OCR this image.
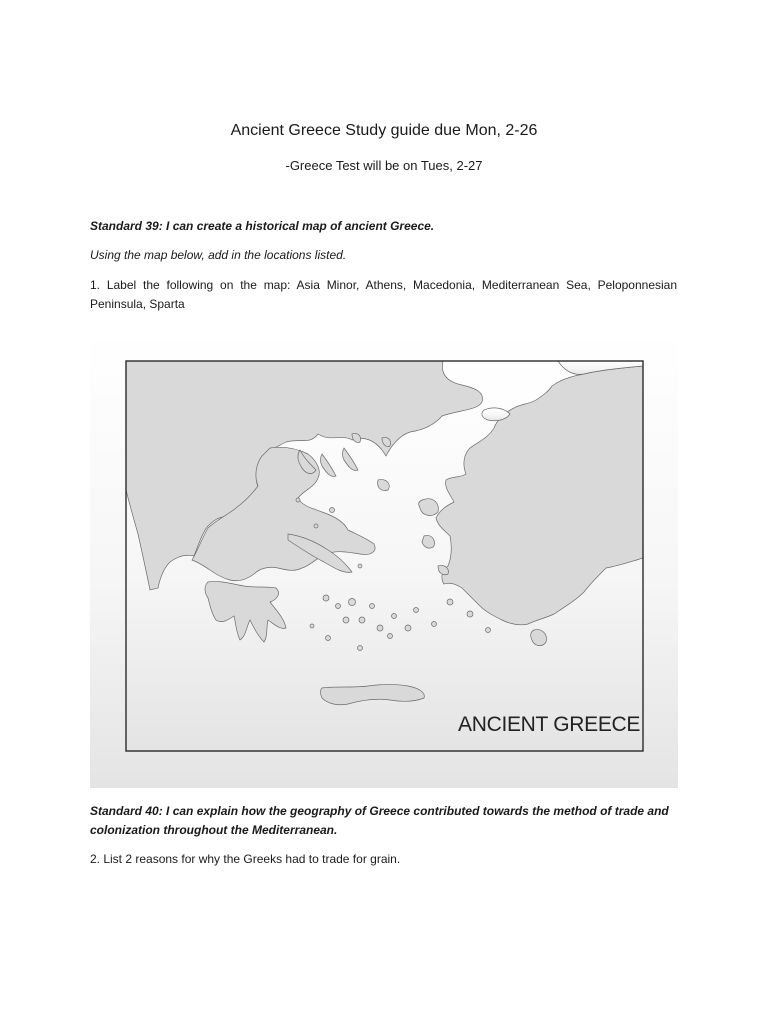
Ancient Greece Study guide due Mon, 2-26
-Greece Test will be on Tues, 2-27
Standard 39: I can create a historical map of ancient Greece.
Using the map below, add in the locations listed.
1. Label the following on the map: Asia Minor, Athens, Macedonia, Mediterranean Sea, Peloponnesian Peninsula, Sparta
ANCIENT GREECE
Standard 40: I can explain how the geography of Greece contributed towards the method of trade and colonization throughout the Mediterranean.
2. List 2 reasons for why the Greeks had to trade for grain.
